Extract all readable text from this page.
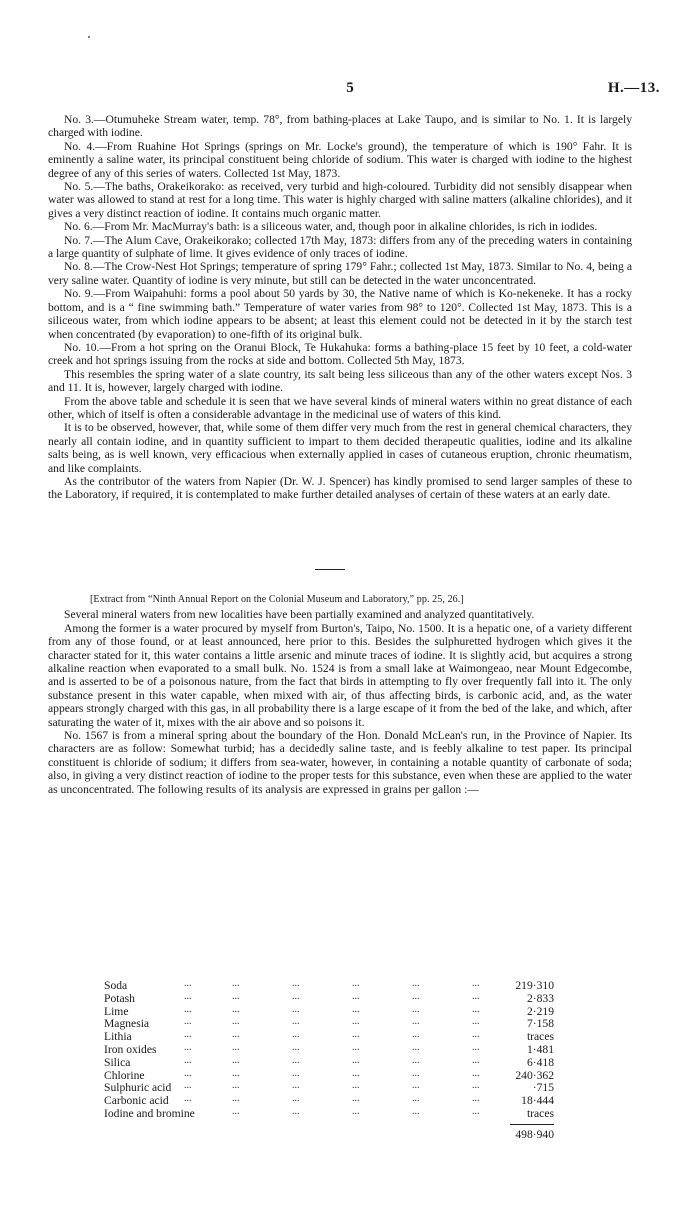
5	H.—13.

No. 3.—Otumuheke Stream water, temp. 78°, from bathing-places at Lake Taupo, and is similar to No. 1. It is largely charged with iodine.

No. 4.—From Ruahine Hot Springs (springs on Mr. Locke's ground), the temperature of which is 190° Fahr. It is eminently a saline water, its principal constituent being chloride of sodium. This water is charged with iodine to the highest degree of any of this series of waters. Collected 1st May, 1873.

No. 5.—The baths, Orakeikorako: as received, very turbid and high-coloured. Turbidity did not sensibly disappear when water was allowed to stand at rest for a long time. This water is highly charged with saline matters (alkaline chlorides), and it gives a very distinct reaction of iodine. It contains much organic matter.

No. 6.—From Mr. MacMurray's bath: is a siliceous water, and, though poor in alkaline chlorides, is rich in iodides.

No. 7.—The Alum Cave, Orakeikorako; collected 17th May, 1873: differs from any of the preceding waters in containing a large quantity of sulphate of lime. It gives evidence of only traces of iodine.

No. 8.—The Crow-Nest Hot Springs; temperature of spring 179° Fahr.; collected 1st May, 1873. Similar to No. 4, being a very saline water. Quantity of iodine is very minute, but still can be detected in the water unconcentrated.

No. 9.—From Waipahuhi: forms a pool about 50 yards by 30, the Native name of which is Ko-nekeneke. It has a rocky bottom, and is a “ fine swimming bath.” Temperature of water varies from 98° to 120°. Collected 1st May, 1873. This is a siliceous water, from which iodine appears to be absent; at least this element could not be detected in it by the starch test when concentrated (by evaporation) to one-fifth of its original bulk.

No. 10.—From a hot spring on the Oranui Block, Te Hukahuka: forms a bathing-place 15 feet by 10 feet, a cold-water creek and hot springs issuing from the rocks at side and bottom. Collected 5th May, 1873.

This resembles the spring water of a slate country, its salt being less siliceous than any of the other waters except Nos. 3 and 11. It is, however, largely charged with iodine.

From the above table and schedule it is seen that we have several kinds of mineral waters within no great distance of each other, which of itself is often a considerable advantage in the medicinal use of waters of this kind.

It is to be observed, however, that, while some of them differ very much from the rest in general chemical characters, they nearly all contain iodine, and in quantity sufficient to impart to them decided therapeutic qualities, iodine and its alkaline salts being, as is well known, very efficacious when externally applied in cases of cutaneous eruption, chronic rheumatism, and like complaints.

As the contributor of the waters from Napier (Dr. W. J. Spencer) has kindly promised to send larger samples of these to the Laboratory, if required, it is contemplated to make further detailed analyses of certain of these waters at an early date.

[Extract from “Ninth Annual Report on the Colonial Museum and Laboratory,” pp. 25, 26.]

Several mineral waters from new localities have been partially examined and analyzed quantitatively.

Among the former is a water procured by myself from Burton's, Taipo, No. 1500. It is a hepatic one, of a variety different from any of those found, or at least announced, here prior to this. Besides the sulphuretted hydrogen which gives it the character stated for it, this water contains a little arsenic and minute traces of iodine. It is slightly acid, but acquires a strong alkaline reaction when evaporated to a small bulk. No. 1524 is from a small lake at Waimongeao, near Mount Edgecombe, and is asserted to be of a poisonous nature, from the fact that birds in attempting to fly over frequently fall into it. The only substance present in this water capable, when mixed with air, of thus affecting birds, is carbonic acid, and, as the water appears strongly charged with this gas, in all probability there is a large escape of it from the bed of the lake, and which, after saturating the water of it, mixes with the air above and so poisons it.

No. 1567 is from a mineral spring about the boundary of the Hon. Donald McLean's run, in the Province of Napier. Its characters are as follow: Somewhat turbid; has a decidedly saline taste, and is feebly alkaline to test paper. Its principal constituent is chloride of sodium; it differs from sea-water, however, in containing a notable quantity of carbonate of soda; also, in giving a very distinct reaction of iodine to the proper tests for this substance, even when these are applied to the water as unconcentrated. The following results of its analysis are expressed in grains per gallon :—

Soda	...	...	...	...	...	...	219·310
Potash	...	...	...	...	...	...	2·833
Lime	...	...	...	...	...	...	2·219
Magnesia	...	...	...	...	...	...	7·158
Lithia	...	...	...	...	...	...	traces
Iron oxides	...	...	...	...	...	...	1·481
Silica	...	...	...	...	...	...	6·418
Chlorine	...	...	...	...	...	...	240·362
Sulphuric acid ...	...	...	...	...	...	·715
Carbonic acid ...	...	...	...	...	...	18·444
Iodine and bromine	...	...	...	...	...	traces
498·940
